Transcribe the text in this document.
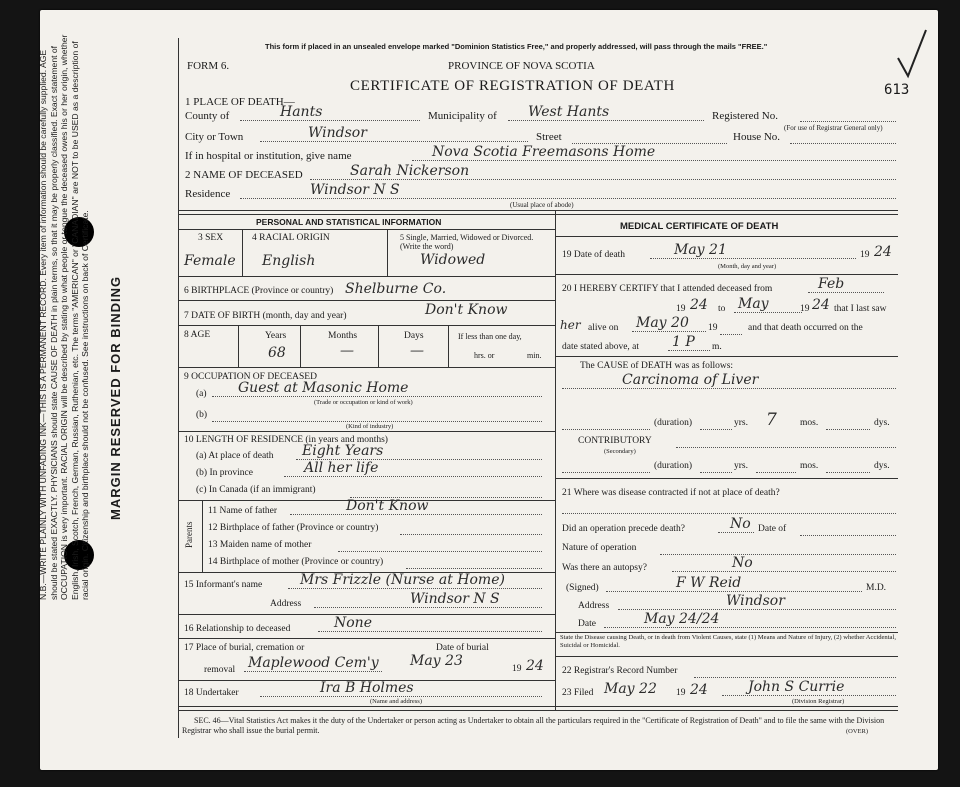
MARGIN RESERVED FOR BINDING
N.B.—WRITE PLAINLY WITH UNFADING INK—THIS IS A PERMANENT RECORD. Every item of information should be carefully supplied. AGE should be stated EXACTLY. PHYSICIANS should state CAUSE OF DEATH in plain terms, so that it may be properly classified. Exact statement of OCCUPATION is very important. RACIAL ORIGIN will be described by stating to what people or tongue the deceased owes his or her origin, whether English, Irish, Scotch, French, German, Russian, Ruthenian, etc. The terms "AMERICAN" or "CANADIAN" are NOT to be USED as a description of racial origin. Citizenship and birthplace should not be confused. See instructions on back of Certificate.
This form if placed in an unsealed envelope marked "Dominion Statistics Free," and properly addressed, will pass through the mails "FREE."
FORM 6.	PROVINCE OF NOVA SCOTIA
CERTIFICATE OF REGISTRATION OF DEATH	613
1 PLACE OF DEATH—
County of	Hants	Municipality of	West Hants	Registered No.
(For use of Registrar General only)
City or Town	Windsor	Street	House No.
If in hospital or institution, give name	Nova Scotia Freemasons Home
2 NAME OF DECEASED	Sarah Nickerson
Residence	Windsor N S
(Usual place of abode)
PERSONAL AND STATISTICAL INFORMATION
3 SEX	4 RACIAL ORIGIN	5 Single, Married, Widowed or Divorced. (Write the word)
Female English	Widowed
6 BIRTHPLACE (Province or country) Shelburne Co.
7 DATE OF BIRTH (month, day and year)	Don't Know
8 AGE	Years
68
Months
—
Days
—
If less than one day,
hrs. or	min.
9 OCCUPATION OF DECEASED
(a)	Guest at Masonic Home
(Trade or occupation or kind of work)
(b)
(Kind of industry)
10 LENGTH OF RESIDENCE (in years and months)
(a) At place of death	Eight Years
(b) In province	All her life
(c) In Canada (if an immigrant)
Parents
11 Name of father	Don't Know
12 Birthplace of father (Province or country)
13 Maiden name of mother
14 Birthplace of mother (Province or country)
15 Informant's name	Mrs Frizzle (Nurse at Home)
Address	Windsor N S
16 Relationship to deceased	None
17 Place of burial, cremation or	Date of burial
removal Maplewood Cem'y May 23	19 24
18 Undertaker	Ira B Holmes
(Name and address)
MEDICAL CERTIFICATE OF DEATH
19 Date of death	May 21	19 24
(Month, day and year)
20 I HEREBY CERTIFY that I attended deceased from	Feb
19 24 to May	19 24 that I last saw
her alive on May 20	19	and that death occurred on the
date stated above, at 1 P	m.
The CAUSE of DEATH was as follows:
Carcinoma of Liver
(duration)	yrs. 7 mos.	dys.
CONTRIBUTORY
(Secondary)
(duration)	yrs.	mos.	dys.
21 Where was disease contracted if not at place of death?
Did an operation precede death?	No Date of
Nature of operation
Was there an autopsy?	No
(Signed)	F W Reid	M.D.
Address	Windsor
Date	May 24/24
State the Disease causing Death, or in death from Violent Causes, state (1) Means and Nature of Injury, (2) whether Accidental, Suicidal or Homicidal.
22 Registrar's Record Number
23 Filed May 22 19 24	John S Currie
(Division Registrar)
SEC. 46—Vital Statistics Act makes it the duty of the Undertaker or person acting as Undertaker to obtain all the particulars required in the "Certificate of Registration of Death" and to file the same with the Division Registrar who shall issue the burial permit.	(OVER)
